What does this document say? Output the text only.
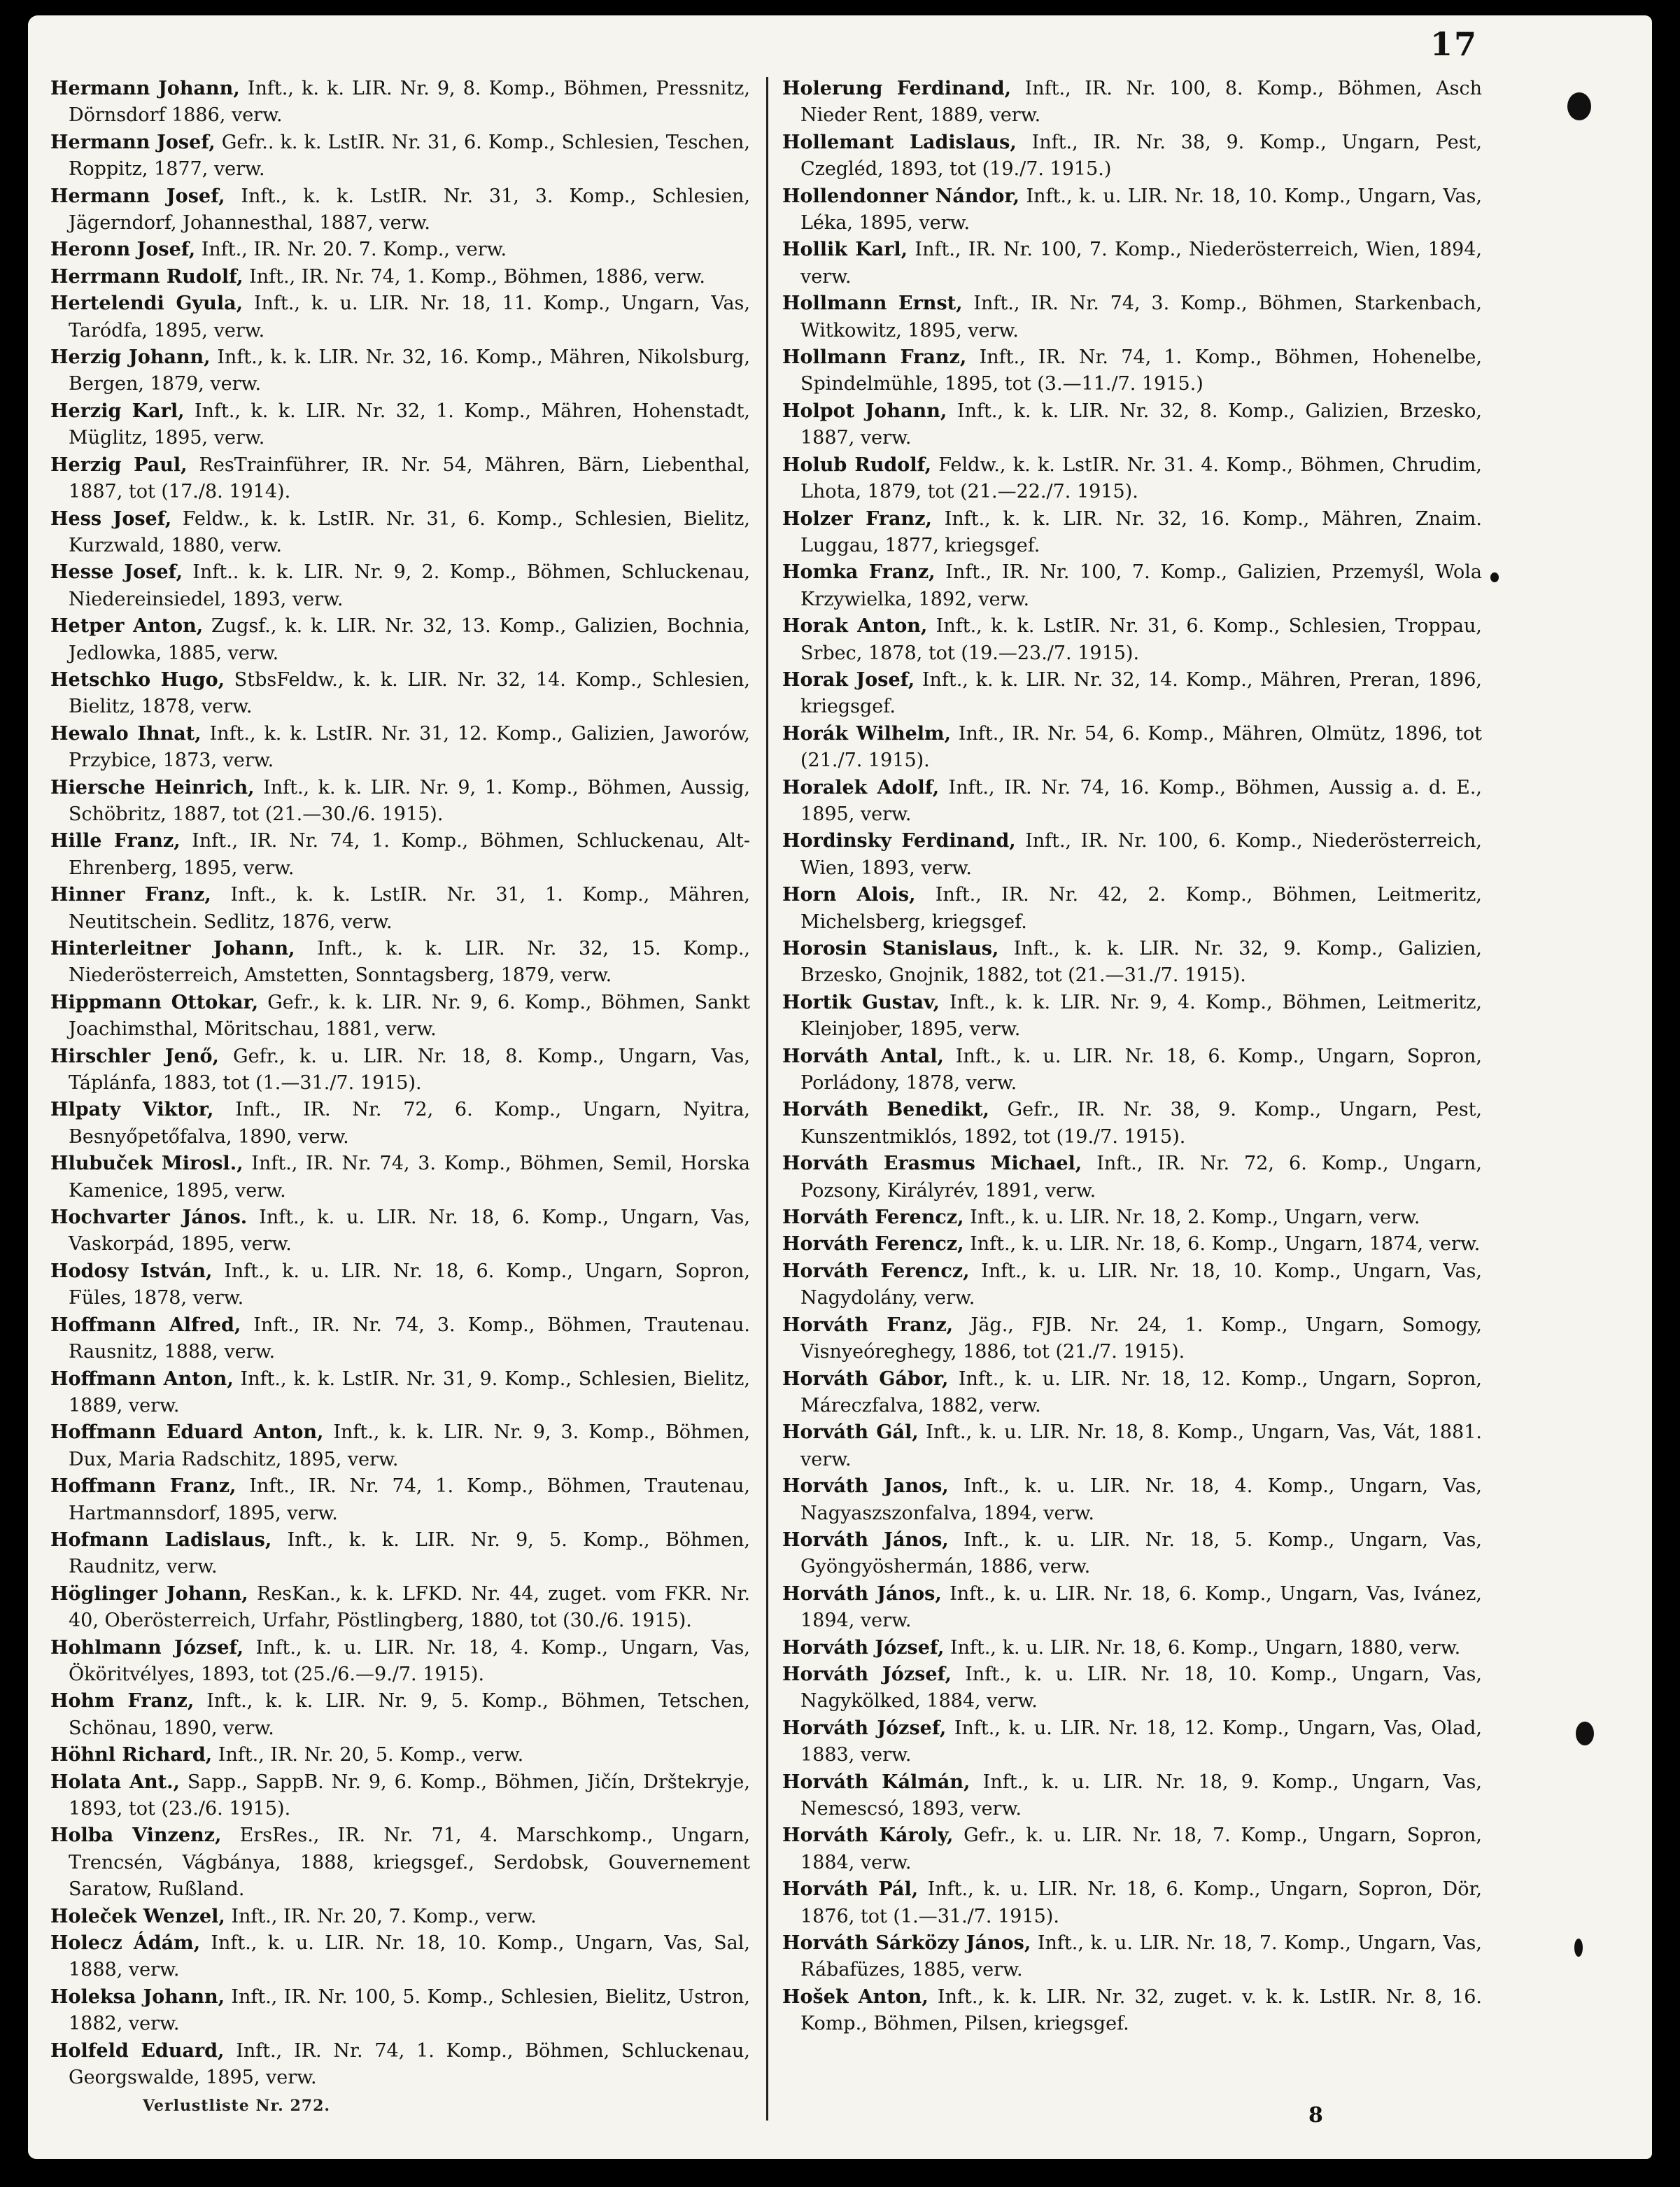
17

Hermann Johann, Inft., k. k. LIR. Nr. 9, 8. Komp., Böhmen, Pressnitz, Dörnsdorf 1886, verw.

Hermann Josef, Gefr.. k. k. LstIR. Nr. 31, 6. Komp., Schlesien, Teschen, Roppitz, 1877, verw.

Hermann Josef, Inft., k. k. LstIR. Nr. 31, 3. Komp., Schlesien, Jägerndorf, Johannesthal, 1887, verw.

Heronn Josef, Inft., IR. Nr. 20. 7. Komp., verw.

Herrmann Rudolf, Inft., IR. Nr. 74, 1. Komp., Böhmen, 1886, verw.

Hertelendi Gyula, Inft., k. u. LIR. Nr. 18, 11. Komp., Ungarn, Vas, Taródfa, 1895, verw.

Herzig Johann, Inft., k. k. LIR. Nr. 32, 16. Komp., Mähren, Nikolsburg, Bergen, 1879, verw.

Herzig Karl, Inft., k. k. LIR. Nr. 32, 1. Komp., Mähren, Hohenstadt, Müglitz, 1895, verw.

Herzig Paul, ResTrainführer, IR. Nr. 54, Mähren, Bärn, Liebenthal, 1887, tot (17./8. 1914).

Hess Josef, Feldw., k. k. LstIR. Nr. 31, 6. Komp., Schlesien, Bielitz, Kurzwald, 1880, verw.

Hesse Josef, Inft.. k. k. LIR. Nr. 9, 2. Komp., Böhmen, Schluckenau, Niedereinsiedel, 1893, verw.

Hetper Anton, Zugsf., k. k. LIR. Nr. 32, 13. Komp., Galizien, Bochnia, Jedlowka, 1885, verw.

Hetschko Hugo, StbsFeldw., k. k. LIR. Nr. 32, 14. Komp., Schlesien, Bielitz, 1878, verw.

Hewalo Ihnat, Inft., k. k. LstIR. Nr. 31, 12. Komp., Galizien, Jaworów, Przybice, 1873, verw.

Hiersche Heinrich, Inft., k. k. LIR. Nr. 9, 1. Komp., Böhmen, Aussig, Schöbritz, 1887, tot (21.—30./6. 1915).

Hille Franz, Inft., IR. Nr. 74, 1. Komp., Böhmen, Schluckenau, Alt-Ehrenberg, 1895, verw.

Hinner Franz, Inft., k. k. LstIR. Nr. 31, 1. Komp., Mähren, Neutitschein. Sedlitz, 1876, verw.

Hinterleitner Johann, Inft., k. k. LIR. Nr. 32, 15. Komp., Niederösterreich, Amstetten, Sonntagsberg, 1879, verw.

Hippmann Ottokar, Gefr., k. k. LIR. Nr. 9, 6. Komp., Böhmen, Sankt Joachimsthal, Möritschau, 1881, verw.

Hirschler Jenő, Gefr., k. u. LIR. Nr. 18, 8. Komp., Ungarn, Vas, Táplánfa, 1883, tot (1.—31./7. 1915).

Hlpaty Viktor, Inft., IR. Nr. 72, 6. Komp., Ungarn, Nyitra, Besnyőpetőfalva, 1890, verw.

Hlubuček Mirosl., Inft., IR. Nr. 74, 3. Komp., Böhmen, Semil, Horska Kamenice, 1895, verw.

Hochvarter János. Inft., k. u. LIR. Nr. 18, 6. Komp., Ungarn, Vas, Vaskorpád, 1895, verw.

Hodosy István, Inft., k. u. LIR. Nr. 18, 6. Komp., Ungarn, Sopron, Füles, 1878, verw.

Hoffmann Alfred, Inft., IR. Nr. 74, 3. Komp., Böhmen, Trautenau. Rausnitz, 1888, verw.

Hoffmann Anton, Inft., k. k. LstIR. Nr. 31, 9. Komp., Schlesien, Bielitz, 1889, verw.

Hoffmann Eduard Anton, Inft., k. k. LIR. Nr. 9, 3. Komp., Böhmen, Dux, Maria Radschitz, 1895, verw.

Hoffmann Franz, Inft., IR. Nr. 74, 1. Komp., Böhmen, Trautenau, Hartmannsdorf, 1895, verw.

Hofmann Ladislaus, Inft., k. k. LIR. Nr. 9, 5. Komp., Böhmen, Raudnitz, verw.

Höglinger Johann, ResKan., k. k. LFKD. Nr. 44, zuget. vom FKR. Nr. 40, Oberösterreich, Urfahr, Pöstlingberg, 1880, tot (30./6. 1915).

Hohlmann József, Inft., k. u. LIR. Nr. 18, 4. Komp., Ungarn, Vas, Ököritvélyes, 1893, tot (25./6.—9./7. 1915).

Hohm Franz, Inft., k. k. LIR. Nr. 9, 5. Komp., Böhmen, Tetschen, Schönau, 1890, verw.

Höhnl Richard, Inft., IR. Nr. 20, 5. Komp., verw.

Holata Ant., Sapp., SappB. Nr. 9, 6. Komp., Böhmen, Jičín, Drštekryje, 1893, tot (23./6. 1915).

Holba Vinzenz, ErsRes., IR. Nr. 71, 4. Marschkomp., Ungarn, Trencsén, Vágbánya, 1888, kriegsgef., Serdobsk, Gouvernement Saratow, Rußland.

Holeček Wenzel, Inft., IR. Nr. 20, 7. Komp., verw.

Holecz Ádám, Inft., k. u. LIR. Nr. 18, 10. Komp., Ungarn, Vas, Sal, 1888, verw.

Holeksa Johann, Inft., IR. Nr. 100, 5. Komp., Schlesien, Bielitz, Ustron, 1882, verw.

Holfeld Eduard, Inft., IR. Nr. 74, 1. Komp., Böhmen, Schluckenau, Georgswalde, 1895, verw.

Verlustliste Nr. 272.

Holerung Ferdinand, Inft., IR. Nr. 100, 8. Komp., Böhmen, Asch Nieder Rent, 1889, verw.

Hollemant Ladislaus, Inft., IR. Nr. 38, 9. Komp., Ungarn, Pest, Czegléd, 1893, tot (19./7. 1915.)

Hollendonner Nándor, Inft., k. u. LIR. Nr. 18, 10. Komp., Ungarn, Vas, Léka, 1895, verw.

Hollik Karl, Inft., IR. Nr. 100, 7. Komp., Niederösterreich, Wien, 1894, verw.

Hollmann Ernst, Inft., IR. Nr. 74, 3. Komp., Böhmen, Starkenbach, Witkowitz, 1895, verw.

Hollmann Franz, Inft., IR. Nr. 74, 1. Komp., Böhmen, Hohenelbe, Spindelmühle, 1895, tot (3.—11./7. 1915.)

Holpot Johann, Inft., k. k. LIR. Nr. 32, 8. Komp., Galizien, Brzesko, 1887, verw.

Holub Rudolf, Feldw., k. k. LstIR. Nr. 31. 4. Komp., Böhmen, Chrudim, Lhota, 1879, tot (21.—22./7. 1915).

Holzer Franz, Inft., k. k. LIR. Nr. 32, 16. Komp., Mähren, Znaim. Luggau, 1877, kriegsgef.

Homka Franz, Inft., IR. Nr. 100, 7. Komp., Galizien, Przemyśl, Wola Krzywielka, 1892, verw.

Horak Anton, Inft., k. k. LstIR. Nr. 31, 6. Komp., Schlesien, Troppau, Srbec, 1878, tot (19.—23./7. 1915).

Horak Josef, Inft., k. k. LIR. Nr. 32, 14. Komp., Mähren, Preran, 1896, kriegsgef.

Horák Wilhelm, Inft., IR. Nr. 54, 6. Komp., Mähren, Olmütz, 1896, tot (21./7. 1915).

Horalek Adolf, Inft., IR. Nr. 74, 16. Komp., Böhmen, Aussig a. d. E., 1895, verw.

Hordinsky Ferdinand, Inft., IR. Nr. 100, 6. Komp., Niederösterreich, Wien, 1893, verw.

Horn Alois, Inft., IR. Nr. 42, 2. Komp., Böhmen, Leitmeritz, Michelsberg, kriegsgef.

Horosin Stanislaus, Inft., k. k. LIR. Nr. 32, 9. Komp., Galizien, Brzesko, Gnojnik, 1882, tot (21.—31./7. 1915).

Hortik Gustav, Inft., k. k. LIR. Nr. 9, 4. Komp., Böhmen, Leitmeritz, Kleinjober, 1895, verw.

Horváth Antal, Inft., k. u. LIR. Nr. 18, 6. Komp., Ungarn, Sopron, Porládony, 1878, verw.

Horváth Benedikt, Gefr., IR. Nr. 38, 9. Komp., Ungarn, Pest, Kunszentmiklós, 1892, tot (19./7. 1915).

Horváth Erasmus Michael, Inft., IR. Nr. 72, 6. Komp., Ungarn, Pozsony, Királyrév, 1891, verw.

Horváth Ferencz, Inft., k. u. LIR. Nr. 18, 2. Komp., Ungarn, verw.

Horváth Ferencz, Inft., k. u. LIR. Nr. 18, 6. Komp., Ungarn, 1874, verw.

Horváth Ferencz, Inft., k. u. LIR. Nr. 18, 10. Komp., Ungarn, Vas, Nagydolány, verw.

Horváth Franz, Jäg., FJB. Nr. 24, 1. Komp., Ungarn, Somogy, Visnyeóreghegy, 1886, tot (21./7. 1915).

Horváth Gábor, Inft., k. u. LIR. Nr. 18, 12. Komp., Ungarn, Sopron, Máreczfalva, 1882, verw.

Horváth Gál, Inft., k. u. LIR. Nr. 18, 8. Komp., Ungarn, Vas, Vát, 1881. verw.

Horváth Janos, Inft., k. u. LIR. Nr. 18, 4. Komp., Ungarn, Vas, Nagyaszszonfalva, 1894, verw.

Horváth János, Inft., k. u. LIR. Nr. 18, 5. Komp., Ungarn, Vas, Gyöngyöshermán, 1886, verw.

Horváth János, Inft., k. u. LIR. Nr. 18, 6. Komp., Ungarn, Vas, Ivánez, 1894, verw.

Horváth József, Inft., k. u. LIR. Nr. 18, 6. Komp., Ungarn, 1880, verw.

Horváth József, Inft., k. u. LIR. Nr. 18, 10. Komp., Ungarn, Vas, Nagykölked, 1884, verw.

Horváth József, Inft., k. u. LIR. Nr. 18, 12. Komp., Ungarn, Vas, Olad, 1883, verw.

Horváth Kálmán, Inft., k. u. LIR. Nr. 18, 9. Komp., Ungarn, Vas, Nemescsó, 1893, verw.

Horváth Károly, Gefr., k. u. LIR. Nr. 18, 7. Komp., Ungarn, Sopron, 1884, verw.

Horváth Pál, Inft., k. u. LIR. Nr. 18, 6. Komp., Ungarn, Sopron, Dör, 1876, tot (1.—31./7. 1915).

Horváth Sárközy János, Inft., k. u. LIR. Nr. 18, 7. Komp., Ungarn, Vas, Rábafüzes, 1885, verw.

Hošek Anton, Inft., k. k. LIR. Nr. 32, zuget. v. k. k. LstIR. Nr. 8, 16. Komp., Böhmen, Pilsen, kriegsgef.

8
